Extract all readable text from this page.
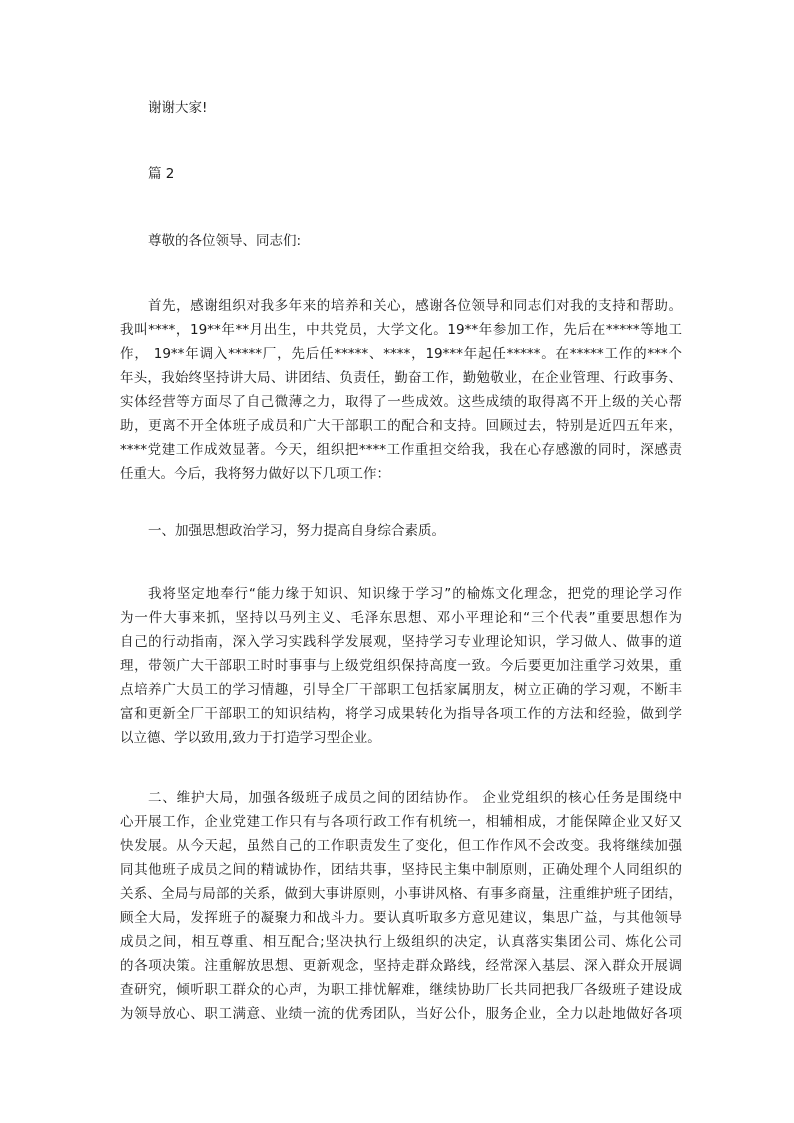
谢谢大家!
篇 2
尊敬的各位领导、同志们:
首先，感谢组织对我多年来的培养和关心，感谢各位领导和同志们对我的支持和帮助。
我叫****，19**年**月出生，中共党员，大学文化。19**年参加工作，先后在*****等地工
作， 19**年调入*****厂，先后任*****、****，19***年起任*****。在*****工作的***个
年头，我始终坚持讲大局、讲团结、负责任，勤奋工作，勤勉敬业，在企业管理、行政事务、
实体经营等方面尽了自己微薄之力，取得了一些成效。这些成绩的取得离不开上级的关心帮
助，更离不开全体班子成员和广大干部职工的配合和支持。回顾过去，特别是近四五年来，
****党建工作成效显著。今天，组织把****工作重担交给我，我在心存感激的同时，深感责
任重大。今后，我将努力做好以下几项工作：
一、加强思想政治学习，努力提高自身综合素质。
我将坚定地奉行“能力缘于知识、知识缘于学习”的榆炼文化理念，把党的理论学习作
为一件大事来抓，坚持以马列主义、毛泽东思想、邓小平理论和“三个代表”重要思想作为
自己的行动指南，深入学习实践科学发展观，坚持学习专业理论知识，学习做人、做事的道
理，带领广大干部职工时时事事与上级党组织保持高度一致。今后要更加注重学习效果，重
点培养广大员工的学习情趣，引导全厂干部职工包括家属朋友，树立正确的学习观，不断丰
富和更新全厂干部职工的知识结构，将学习成果转化为指导各项工作的方法和经验，做到学
以立德、学以致用,致力于打造学习型企业。
二、维护大局，加强各级班子成员之间的团结协作。 企业党组织的核心任务是围绕中
心开展工作，企业党建工作只有与各项行政工作有机统一，相辅相成，才能保障企业又好又
快发展。从今天起，虽然自己的工作职责发生了变化，但工作作风不会改变。我将继续加强
同其他班子成员之间的精诚协作，团结共事，坚持民主集中制原则，正确处理个人同组织的
关系、全局与局部的关系，做到大事讲原则，小事讲风格、有事多商量，注重维护班子团结，
顾全大局，发挥班子的凝聚力和战斗力。要认真听取多方意见建议，集思广益，与其他领导
成员之间，相互尊重、相互配合;坚决执行上级组织的决定，认真落实集团公司、炼化公司
的各项决策。注重解放思想、更新观念，坚持走群众路线，经常深入基层、深入群众开展调
查研究，倾听职工群众的心声，为职工排忧解难，继续协助厂长共同把我厂各级班子建设成
为领导放心、职工满意、业绩一流的优秀团队，当好公仆，服务企业，全力以赴地做好各项
